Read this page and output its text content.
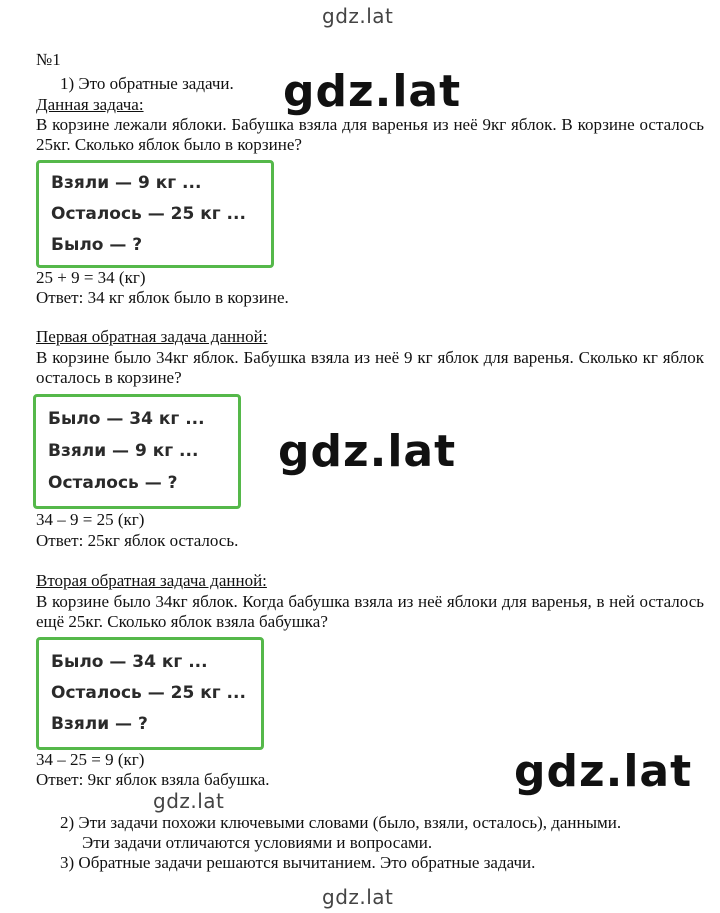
gdz.lat
№1
1) Это обратные задачи. gdz.lat
Данная задача:
В корзине лежали яблоки. Бабушка взяла для варенья из неё 9кг яблок. В корзине осталось 25кг. Сколько яблок было в корзине?
Взяли — 9 кг ...
Осталось — 25 кг ...
Было — ?
25 + 9 = 34 (кг)
Ответ: 34 кг яблок было в корзине.
Первая обратная задача данной:
В корзине было 34кг яблок. Бабушка взяла из неё 9 кг яблок для варенья. Сколько кг яблок осталось в корзине?
Было — 34 кг ...
Взяли — 9 кг ...
Осталось — ?
gdz.lat
34 – 9 = 25 (кг)
Ответ: 25кг яблок осталось.
Вторая обратная задача данной:
В корзине было 34кг яблок. Когда бабушка взяла из неё яблоки для варенья, в ней осталось ещё 25кг. Сколько яблок взяла бабушка?
Было — 34 кг ...
Осталось — 25 кг ...
Взяли — ?
34 – 25 = 9 (кг)
Ответ: 9кг яблок взяла бабушка.	gdz.lat
gdz.lat
2) Эти задачи похожи ключевыми словами (было, взяли, осталось), данными.
Эти задачи отличаются условиями и вопросами.
3) Обратные задачи решаются вычитанием. Это обратные задачи.
gdz.lat
